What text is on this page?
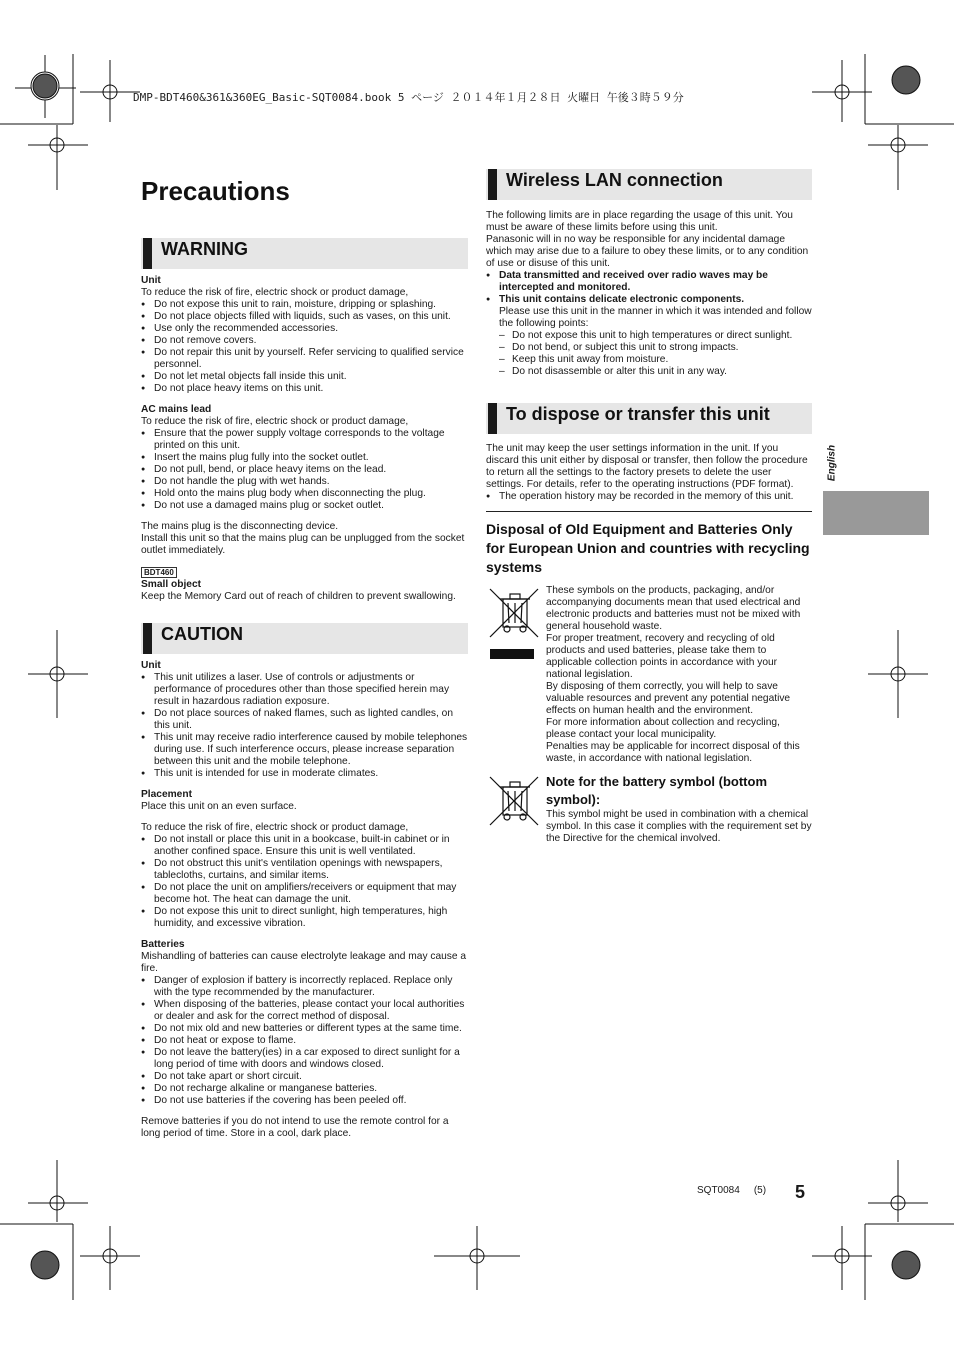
DMP-BDT460&361&360EG_Basic-SQT0084.book 5 ページ ２０１４年１月２８日 火曜日 午後３時５９分
Precautions
WARNING
Unit

To reduce the risk of fire, electric shock or product damage,

● Do not expose this unit to rain, moisture, dripping or splashing.
● Do not place objects filled with liquids, such as vases, on this unit.
● Use only the recommended accessories.
● Do not remove covers.
● Do not repair this unit by yourself. Refer servicing to qualified service personnel.
● Do not let metal objects fall inside this unit.
● Do not place heavy items on this unit.
AC mains lead

To reduce the risk of fire, electric shock or product damage,

● Ensure that the power supply voltage corresponds to the voltage printed on this unit.
● Insert the mains plug fully into the socket outlet.
● Do not pull, bend, or place heavy items on the lead.
● Do not handle the plug with wet hands.
● Hold onto the mains plug body when disconnecting the plug.
● Do not use a damaged mains plug or socket outlet.

The mains plug is the disconnecting device.

Install this unit so that the mains plug can be unplugged from the socket outlet immediately.

BDT460
Small object

Keep the Memory Card out of reach of children to prevent swallowing.

CAUTION
Unit
● This unit utilizes a laser. Use of controls or adjustments or performance of procedures other than those specified herein may result in hazardous radiation exposure.
● Do not place sources of naked flames, such as lighted candles, on this unit.
● This unit may receive radio interference caused by mobile telephones during use. If such interference occurs, please increase separation between this unit and the mobile telephone.
● This unit is intended for use in moderate climates.
Placement

Place this unit on an even surface.

To reduce the risk of fire, electric shock or product damage,

● Do not install or place this unit in a bookcase, built-in cabinet or in another confined space. Ensure this unit is well ventilated.
● Do not obstruct this unit's ventilation openings with newspapers, tablecloths, curtains, and similar items.
● Do not place the unit on amplifiers/receivers or equipment that may become hot. The heat can damage the unit.
● Do not expose this unit to direct sunlight, high temperatures, high humidity, and excessive vibration.
Batteries

Mishandling of batteries can cause electrolyte leakage and may cause a fire.

● Danger of explosion if battery is incorrectly replaced. Replace only with the type recommended by the manufacturer.
● When disposing of the batteries, please contact your local authorities or dealer and ask for the correct method of disposal.
● Do not mix old and new batteries or different types at the same time.
● Do not heat or expose to flame.
● Do not leave the battery(ies) in a car exposed to direct sunlight for a long period of time with doors and windows closed.
● Do not take apart or short circuit.
● Do not recharge alkaline or manganese batteries.
● Do not use batteries if the covering has been peeled off.

Remove batteries if you do not intend to use the remote control for a long period of time. Store in a cool, dark place.

Wireless LAN connection

The following limits are in place regarding the usage of this unit. You must be aware of these limits before using this unit.

Panasonic will in no way be responsible for any incidental damage which may arise due to a failure to obey these limits, or to any condition of use or disuse of this unit.

● Data transmitted and received over radio waves may be intercepted and monitored.
● This unit contains delicate electronic components.
Please use this unit in the manner in which it was intended and follow the following points:
– Do not expose this unit to high temperatures or direct sunlight.
– Do not bend, or subject this unit to strong impacts.
– Keep this unit away from moisture.
– Do not disassemble or alter this unit in any way.
To dispose or transfer this unit

The unit may keep the user settings information in the unit. If you discard this unit either by disposal or transfer, then follow the procedure to return all the settings to the factory presets to delete the user settings. For details, refer to the operating instructions (PDF format).

● The operation history may be recorded in the memory of this unit.
Disposal of Old Equipment and Batteries Only for European Union and countries with recycling systems

These symbols on the products, packaging, and/or accompanying documents mean that used electrical and electronic products and batteries must not be mixed with general household waste.

For proper treatment, recovery and recycling of old products and used batteries, please take them to applicable collection points in accordance with your national legislation.

By disposing of them correctly, you will help to save valuable resources and prevent any potential negative effects on human health and the environment.

For more information about collection and recycling, please contact your local municipality.

Penalties may be applicable for incorrect disposal of this waste, in accordance with national legislation.

Note for the battery symbol (bottom symbol):

This symbol might be used in combination with a chemical symbol. In this case it complies with the requirement set by the Directive for the chemical involved.

English
SQT0084 (5) 5
